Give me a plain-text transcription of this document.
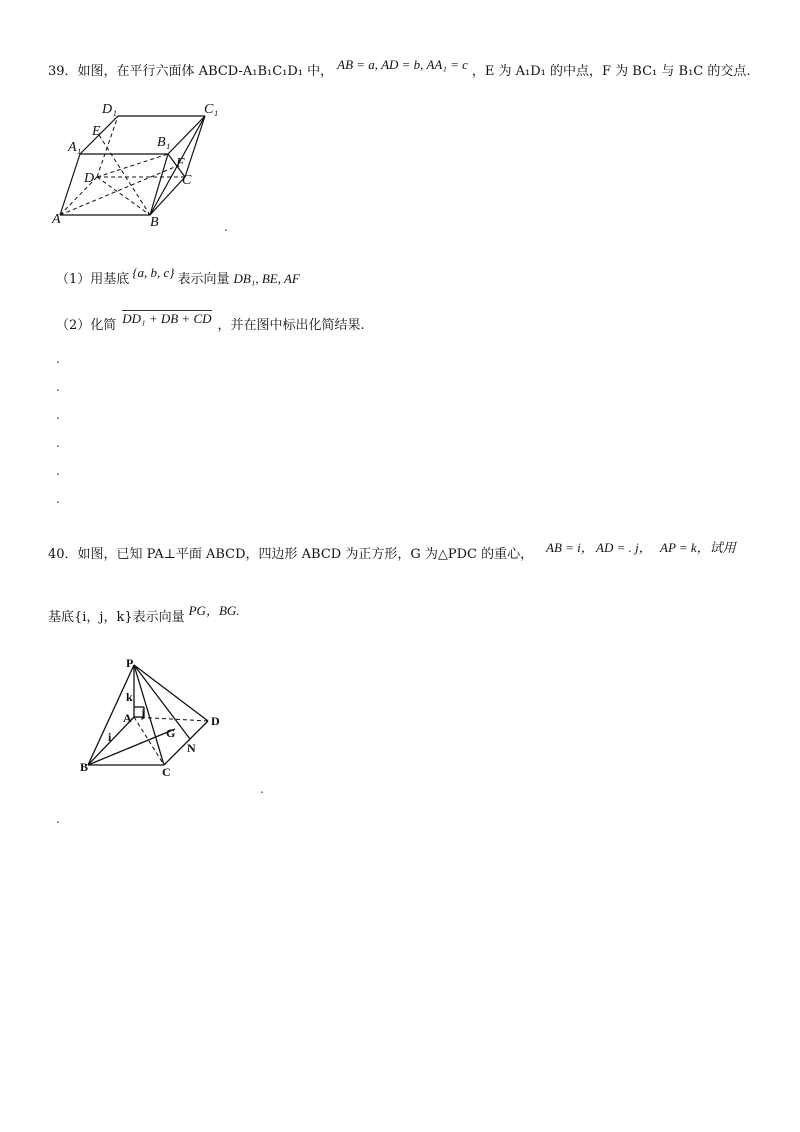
39．如图，在平行六面体 ABCD-A₁B₁C₁D₁ 中， AB = a, AD = b, AA₁ = c ，E 为 A₁D₁ 的中点，F 为 BC₁ 与 B₁C 的交点.
D₁	C₁
E
A₁	B₁
D
F
C
A	B	.
（1）用基底 {a, b, c} 表示向量 DB₁, BE, AF
（2）化简 DD₁ + DB + CD ，并在图中标出化简结果.
.
.
.
.
.
.
40．如图，已知 PA⊥平面 ABCD，四边形 ABCD 为正方形，G 为△PDC 的重心， AB = i， AD = . j， AP = k，试用
基底{i，j，k}表示向量 PG，BG.
P
k
A j
D
i	G
N
B	C
.
.
